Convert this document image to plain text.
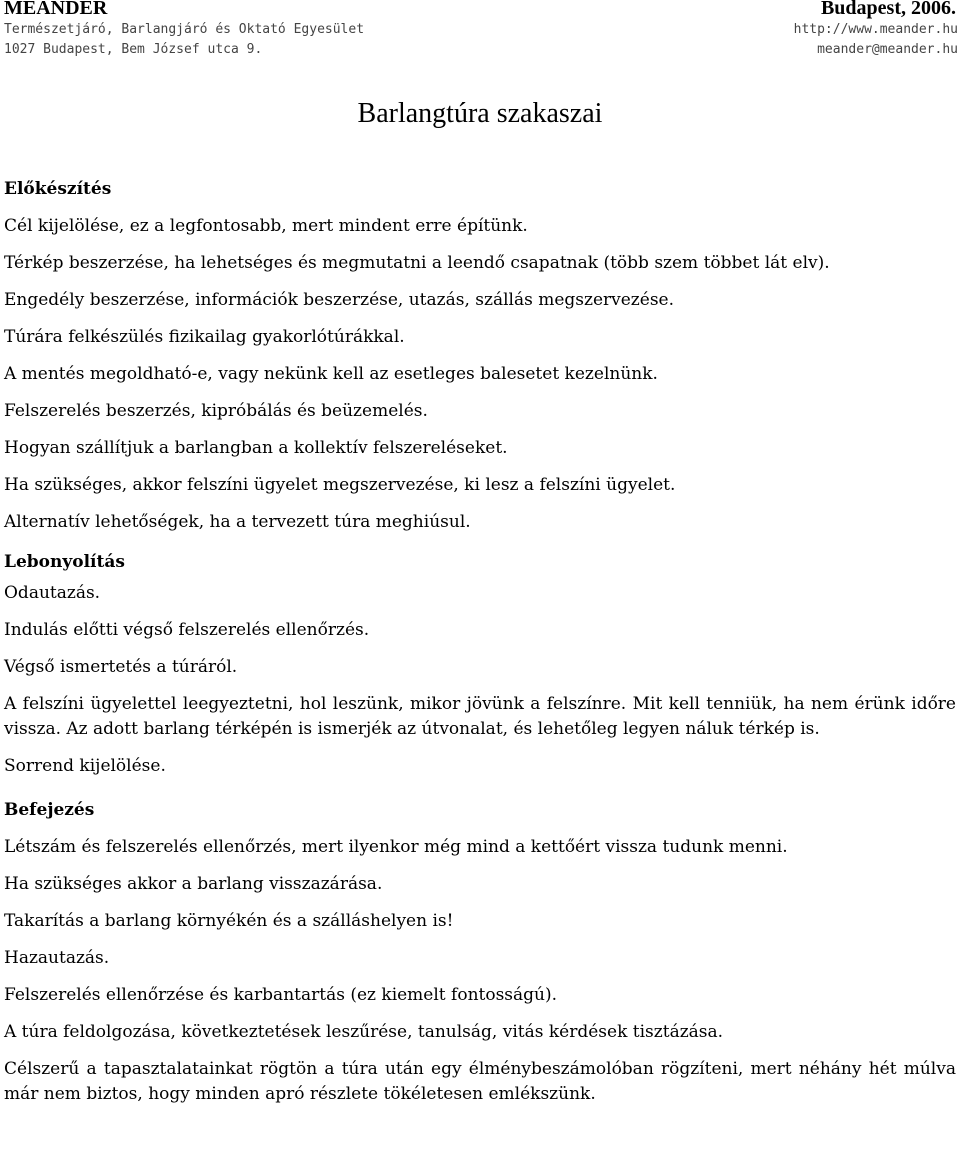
MEANDER
Természetjáró, Barlangjáró és Oktató Egyesület
1027 Budapest, Bem József utca 9.
Budapest, 2006.
http://www.meander.hu
meander@meander.hu
Barlangtúra szakaszai

Előkészítés

Cél kijelölése, ez a legfontosabb, mert mindent erre építünk.

Térkép beszerzése, ha lehetséges és megmutatni a leendő csapatnak (több szem többet lát elv).

Engedély beszerzése, információk beszerzése, utazás, szállás megszervezése.

Túrára felkészülés fizikailag gyakorlótúrákkal.

A mentés megoldható-e, vagy nekünk kell az esetleges balesetet kezelnünk.

Felszerelés beszerzés, kipróbálás és beüzemelés.

Hogyan szállítjuk a barlangban a kollektív felszereléseket.

Ha szükséges, akkor felszíni ügyelet megszervezése, ki lesz a felszíni ügyelet.

Alternatív lehetőségek, ha a tervezett túra meghiúsul.

Lebonyolítás

Odautazás.

Indulás előtti végső felszerelés ellenőrzés.

Végső ismertetés a túráról.

A felszíni ügyelettel leegyeztetni, hol leszünk, mikor jövünk a felszínre. Mit kell tenniük, ha nem érünk időre vissza. Az adott barlang térképén is ismerjék az útvonalat, és lehetőleg legyen náluk térkép is.

Sorrend kijelölése.

Befejezés

Létszám és felszerelés ellenőrzés, mert ilyenkor még mind a kettőért vissza tudunk menni.

Ha szükséges akkor a barlang visszazárása.

Takarítás a barlang környékén és a szálláshelyen is!

Hazautazás.

Felszerelés ellenőrzése és karbantartás (ez kiemelt fontosságú).

A túra feldolgozása, következtetések leszűrése, tanulság, vitás kérdések tisztázása.

Célszerű a tapasztalatainkat rögtön a túra után egy élménybeszámolóban rögzíteni, mert néhány hét múlva már nem biztos, hogy minden apró részlete tökéletesen emlékszünk.
